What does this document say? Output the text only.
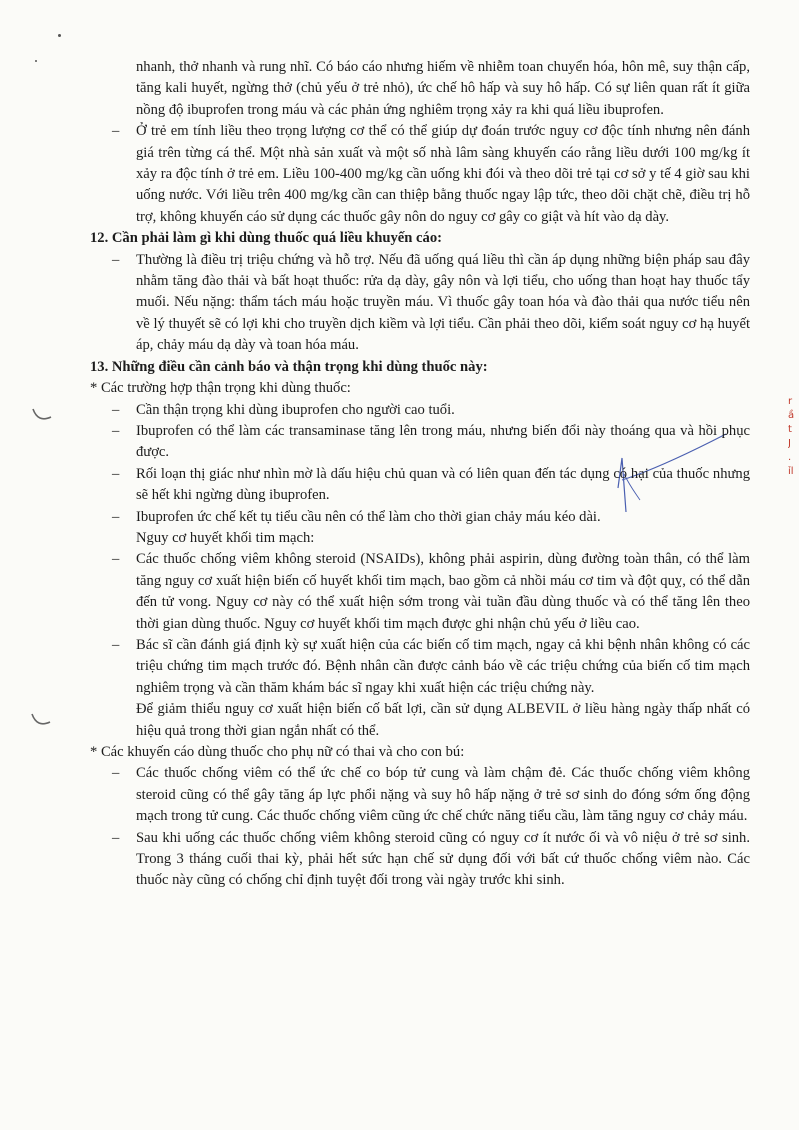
r
ầ
t
J
.
ỉl
nhanh, thở nhanh và rung nhĩ. Có báo cáo nhưng hiếm về nhiễm toan chuyển hóa, hôn mê, suy thận cấp, tăng kali huyết, ngừng thở (chủ yếu ở trẻ nhỏ), ức chế hô hấp và suy hô hấp. Có sự liên quan rất ít giữa nồng độ ibuprofen trong máu và các phản ứng nghiêm trọng xảy ra khi quá liều ibuprofen.
– Ở trẻ em tính liều theo trọng lượng cơ thể có thể giúp dự đoán trước nguy cơ độc tính nhưng nên đánh giá trên từng cá thể. Một nhà sản xuất và một số nhà lâm sàng khuyến cáo rằng liều dưới 100 mg/kg ít xảy ra độc tính ở trẻ em. Liều 100-400 mg/kg cần uống khi đói và theo dõi trẻ tại cơ sở y tế 4 giờ sau khi uống nước. Với liều trên 400 mg/kg cần can thiệp bằng thuốc ngay lập tức, theo dõi chặt chẽ, điều trị hỗ trợ, không khuyến cáo sử dụng các thuốc gây nôn do nguy cơ gây co giật và hít vào dạ dày.
12. Cần phải làm gì khi dùng thuốc quá liều khuyến cáo:
– Thường là điều trị triệu chứng và hỗ trợ. Nếu đã uống quá liều thì cần áp dụng những biện pháp sau đây nhằm tăng đào thải và bất hoạt thuốc: rửa dạ dày, gây nôn và lợi tiểu, cho uống than hoạt hay thuốc tẩy muối. Nếu nặng: thẩm tách máu hoặc truyền máu. Vì thuốc gây toan hóa và đào thải qua nước tiểu nên về lý thuyết sẽ có lợi khi cho truyền dịch kiềm và lợi tiểu. Cần phải theo dõi, kiểm soát nguy cơ hạ huyết áp, chảy máu dạ dày và toan hóa máu.
13. Những điều cần cảnh báo và thận trọng khi dùng thuốc này:
* Các trường hợp thận trọng khi dùng thuốc:
– Cần thận trọng khi dùng ibuprofen cho người cao tuổi.
– Ibuprofen có thể làm các transaminase tăng lên trong máu, nhưng biến đổi này thoáng qua và hồi phục được.
– Rối loạn thị giác như nhìn mờ là dấu hiệu chủ quan và có liên quan đến tác dụng có hại của thuốc nhưng sẽ hết khi ngừng dùng ibuprofen.
– Ibuprofen ức chế kết tụ tiểu cầu nên có thể làm cho thời gian chảy máu kéo dài.
Nguy cơ huyết khối tim mạch:
– Các thuốc chống viêm không steroid (NSAIDs), không phải aspirin, dùng đường toàn thân, có thể làm tăng nguy cơ xuất hiện biến cố huyết khối tim mạch, bao gồm cả nhồi máu cơ tim và đột quỵ, có thể dẫn đến tử vong. Nguy cơ này có thể xuất hiện sớm trong vài tuần đầu dùng thuốc và có thể tăng lên theo thời gian dùng thuốc. Nguy cơ huyết khối tim mạch được ghi nhận chủ yếu ở liều cao.
– Bác sĩ cần đánh giá định kỳ sự xuất hiện của các biến cố tim mạch, ngay cả khi bệnh nhân không có các triệu chứng tim mạch trước đó. Bệnh nhân cần được cảnh báo về các triệu chứng của biến cố tim mạch nghiêm trọng và cần thăm khám bác sĩ ngay khi xuất hiện các triệu chứng này.
Để giảm thiểu nguy cơ xuất hiện biến cố bất lợi, cần sử dụng ALBEVIL ở liều hàng ngày thấp nhất có hiệu quả trong thời gian ngắn nhất có thể.
* Các khuyến cáo dùng thuốc cho phụ nữ có thai và cho con bú:
– Các thuốc chống viêm có thể ức chế co bóp tử cung và làm chậm đẻ. Các thuốc chống viêm không steroid cũng có thể gây tăng áp lực phổi nặng và suy hô hấp nặng ở trẻ sơ sinh do đóng sớm ống động mạch trong tử cung. Các thuốc chống viêm cũng ức chế chức năng tiểu cầu, làm tăng nguy cơ chảy máu.
– Sau khi uống các thuốc chống viêm không steroid cũng có nguy cơ ít nước ối và vô niệu ở trẻ sơ sinh. Trong 3 tháng cuối thai kỳ, phải hết sức hạn chế sử dụng đối với bất cứ thuốc chống viêm nào. Các thuốc này cũng có chống chỉ định tuyệt đối trong vài ngày trước khi sinh.
